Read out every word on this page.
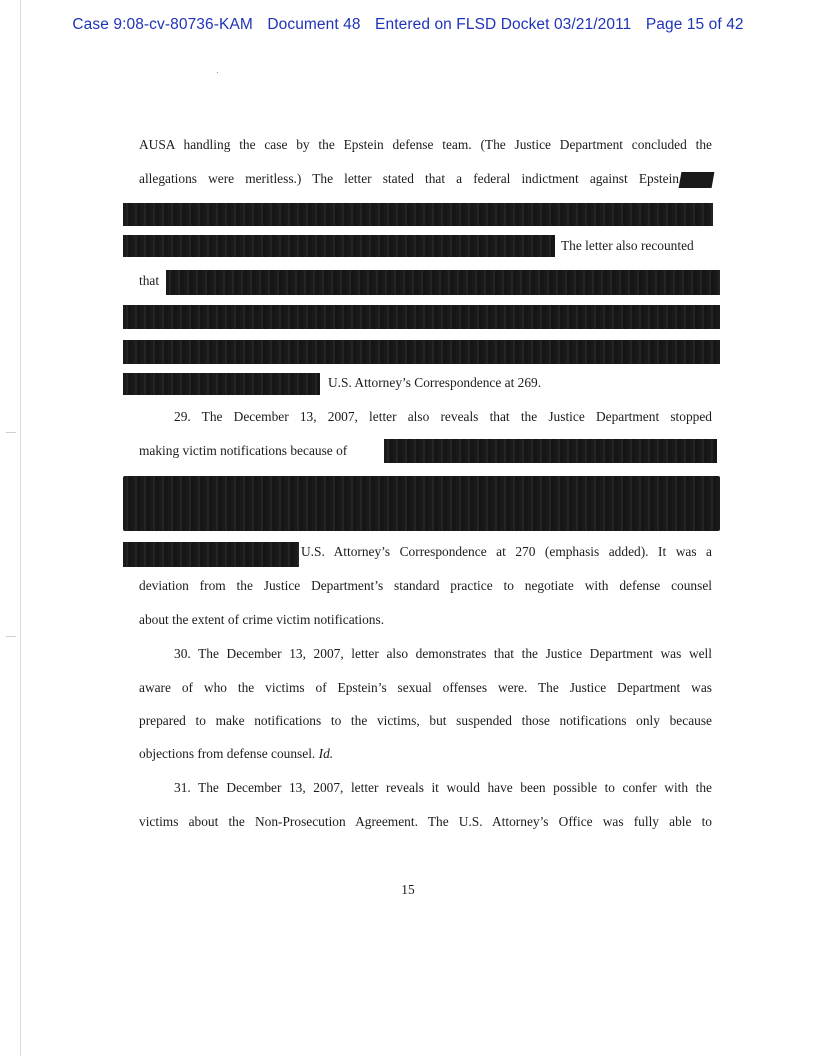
Case 9:08-cv-80736-KAM Document 48 Entered on FLSD Docket 03/21/2011 Page 15 of 42
AUSA handling the case by the Epstein defense team. (The Justice Department concluded the
allegations were meritless.) The letter stated that a federal indictment against Epstein
The letter also recounted
that
U.S. Attorney’s Correspondence at 269.
29. The December 13, 2007, letter also reveals that the Justice Department stopped
making victim notifications because of
U.S. Attorney’s Correspondence at 270 (emphasis added). It was a
deviation from the Justice Department’s standard practice to negotiate with defense counsel
about the extent of crime victim notifications.
30. The December 13, 2007, letter also demonstrates that the Justice Department was well
aware of who the victims of Epstein’s sexual offenses were. The Justice Department was
prepared to make notifications to the victims, but suspended those notifications only because
objections from defense counsel. Id.
31. The December 13, 2007, letter reveals it would have been possible to confer with the
victims about the Non-Prosecution Agreement. The U.S. Attorney’s Office was fully able to
15
